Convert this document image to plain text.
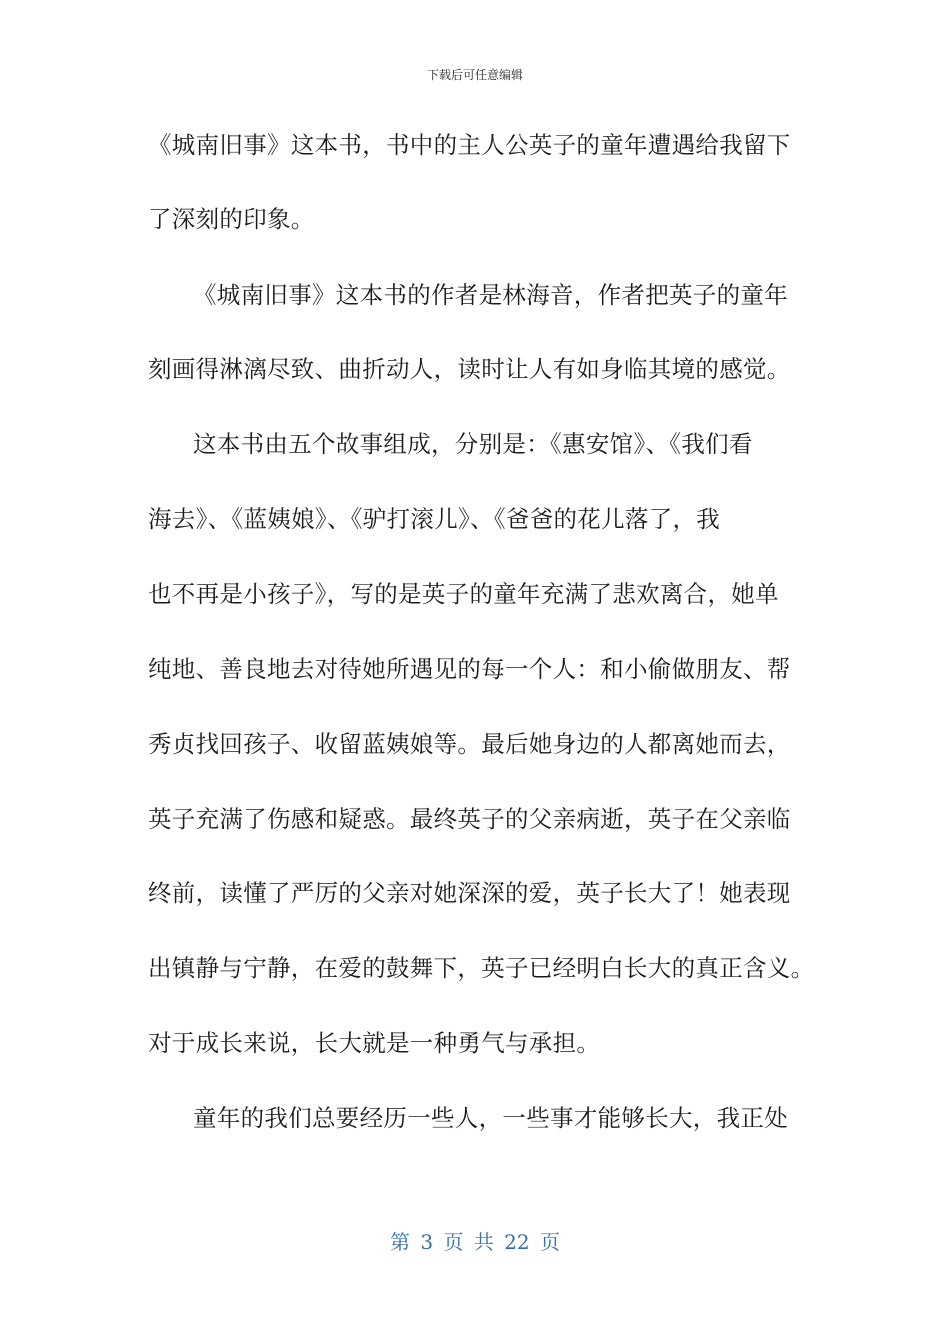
下载后可任意编辑
《城南旧事》这本书，书中的主人公英子的童年遭遇给我留下
了深刻的印象。
《城南旧事》这本书的作者是林海音，作者把英子的童年
刻画得淋漓尽致、曲折动人，读时让人有如身临其境的感觉。
这本书由五个故事组成，分别是：《惠安馆》、《我们看
海去》、《蓝姨娘》、《驴打滚儿》、《爸爸的花儿落了，我
也不再是小孩子》，写的是英子的童年充满了悲欢离合，她单
纯地、善良地去对待她所遇见的每一个人：和小偷做朋友、帮
秀贞找回孩子、收留蓝姨娘等。最后她身边的人都离她而去，
英子充满了伤感和疑惑。最终英子的父亲病逝，英子在父亲临
终前，读懂了严厉的父亲对她深深的爱，英子长大了！她表现
出镇静与宁静，在爱的鼓舞下，英子已经明白长大的真正含义。
对于成长来说，长大就是一种勇气与承担。
童年的我们总要经历一些人，一些事才能够长大，我正处
第 3 页 共 22 页
